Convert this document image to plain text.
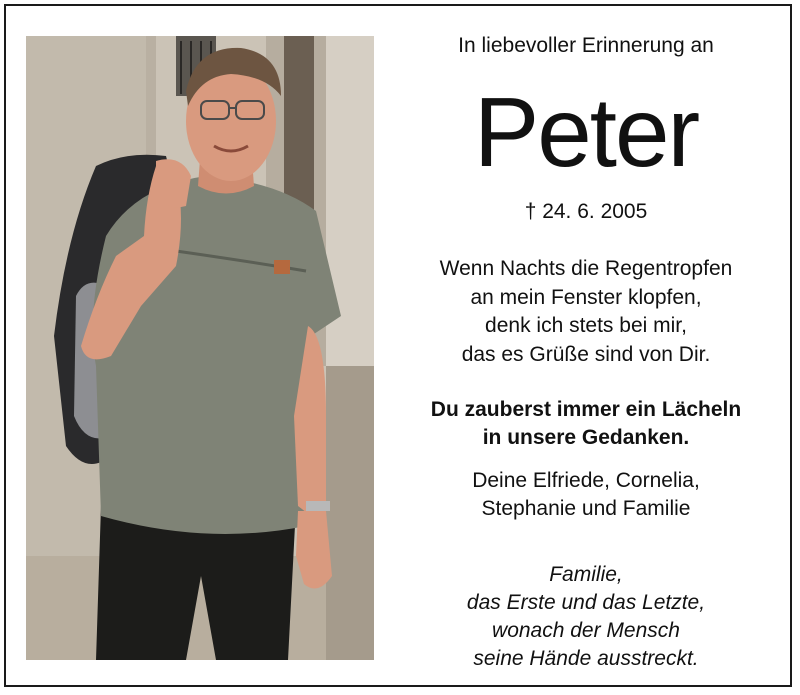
In liebevoller Erinnerung an
Peter
† 24. 6. 2005
Wenn Nachts die Regentropfen
an mein Fenster klopfen,
denk ich stets bei mir,
das es Grüße sind von Dir.
Du zauberst immer ein Lächeln
in unsere Gedanken.
Deine Elfriede, Cornelia,
Stephanie und Familie
Familie,
das Erste und das Letzte,
wonach der Mensch
seine Hände ausstreckt.
